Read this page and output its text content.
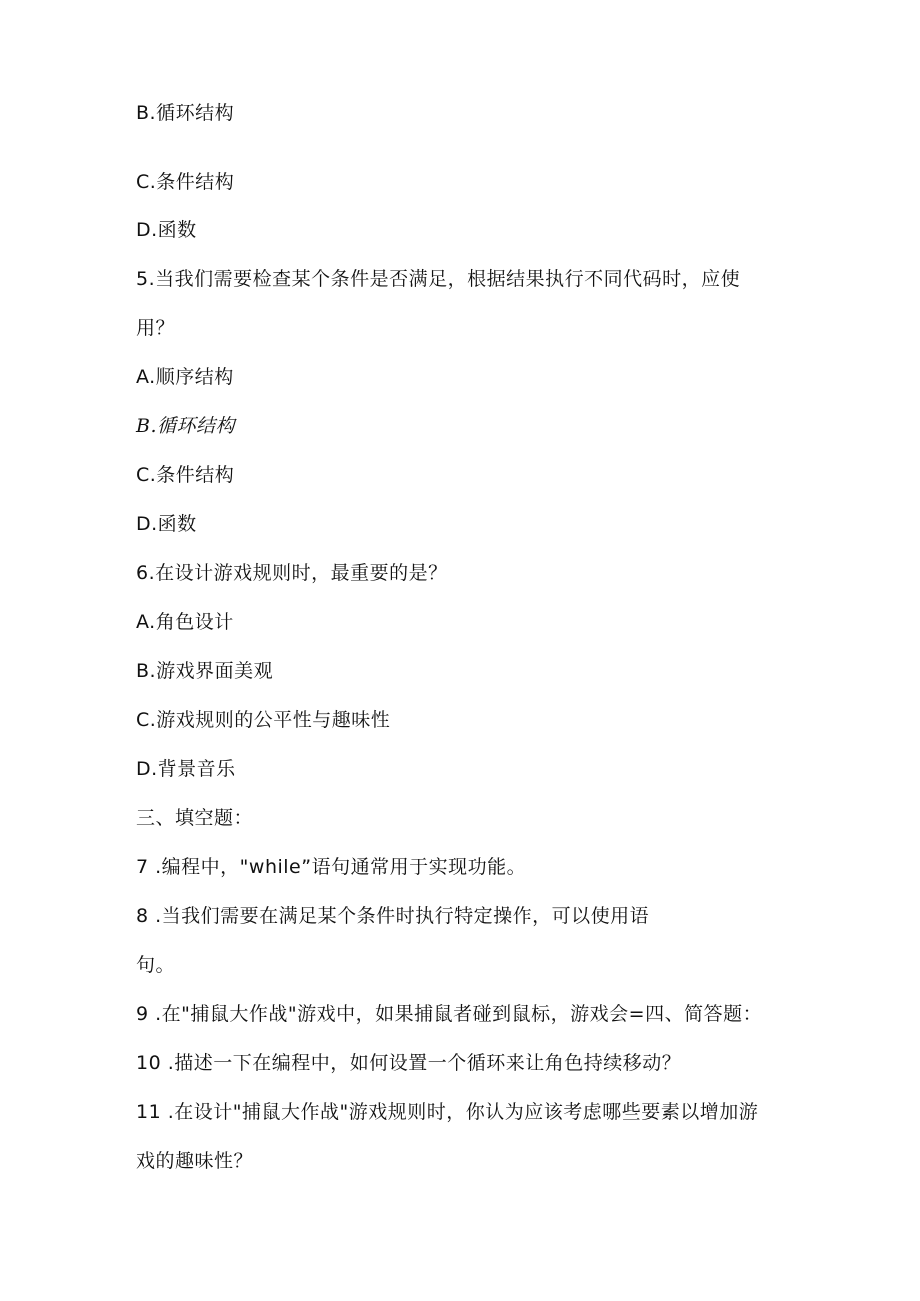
B.循环结构
C.条件结构
D.函数
5.当我们需要检查某个条件是否满足，根据结果执行不同代码时，应使
用？
A.顺序结构
B.循环结构
C.条件结构
D.函数
6.在设计游戏规则时，最重要的是？
A.角色设计
B.游戏界面美观
C.游戏规则的公平性与趣味性
D.背景音乐
三、填空题：
7 .编程中，"while”语句通常用于实现功能。
8 .当我们需要在满足某个条件时执行特定操作，可以使用语
句。
9 .在"捕鼠大作战"游戏中，如果捕鼠者碰到鼠标，游戏会=四、简答题：
10 .描述一下在编程中，如何设置一个循环来让角色持续移动？
11 .在设计"捕鼠大作战"游戏规则时，你认为应该考虑哪些要素以增加游
戏的趣味性？
